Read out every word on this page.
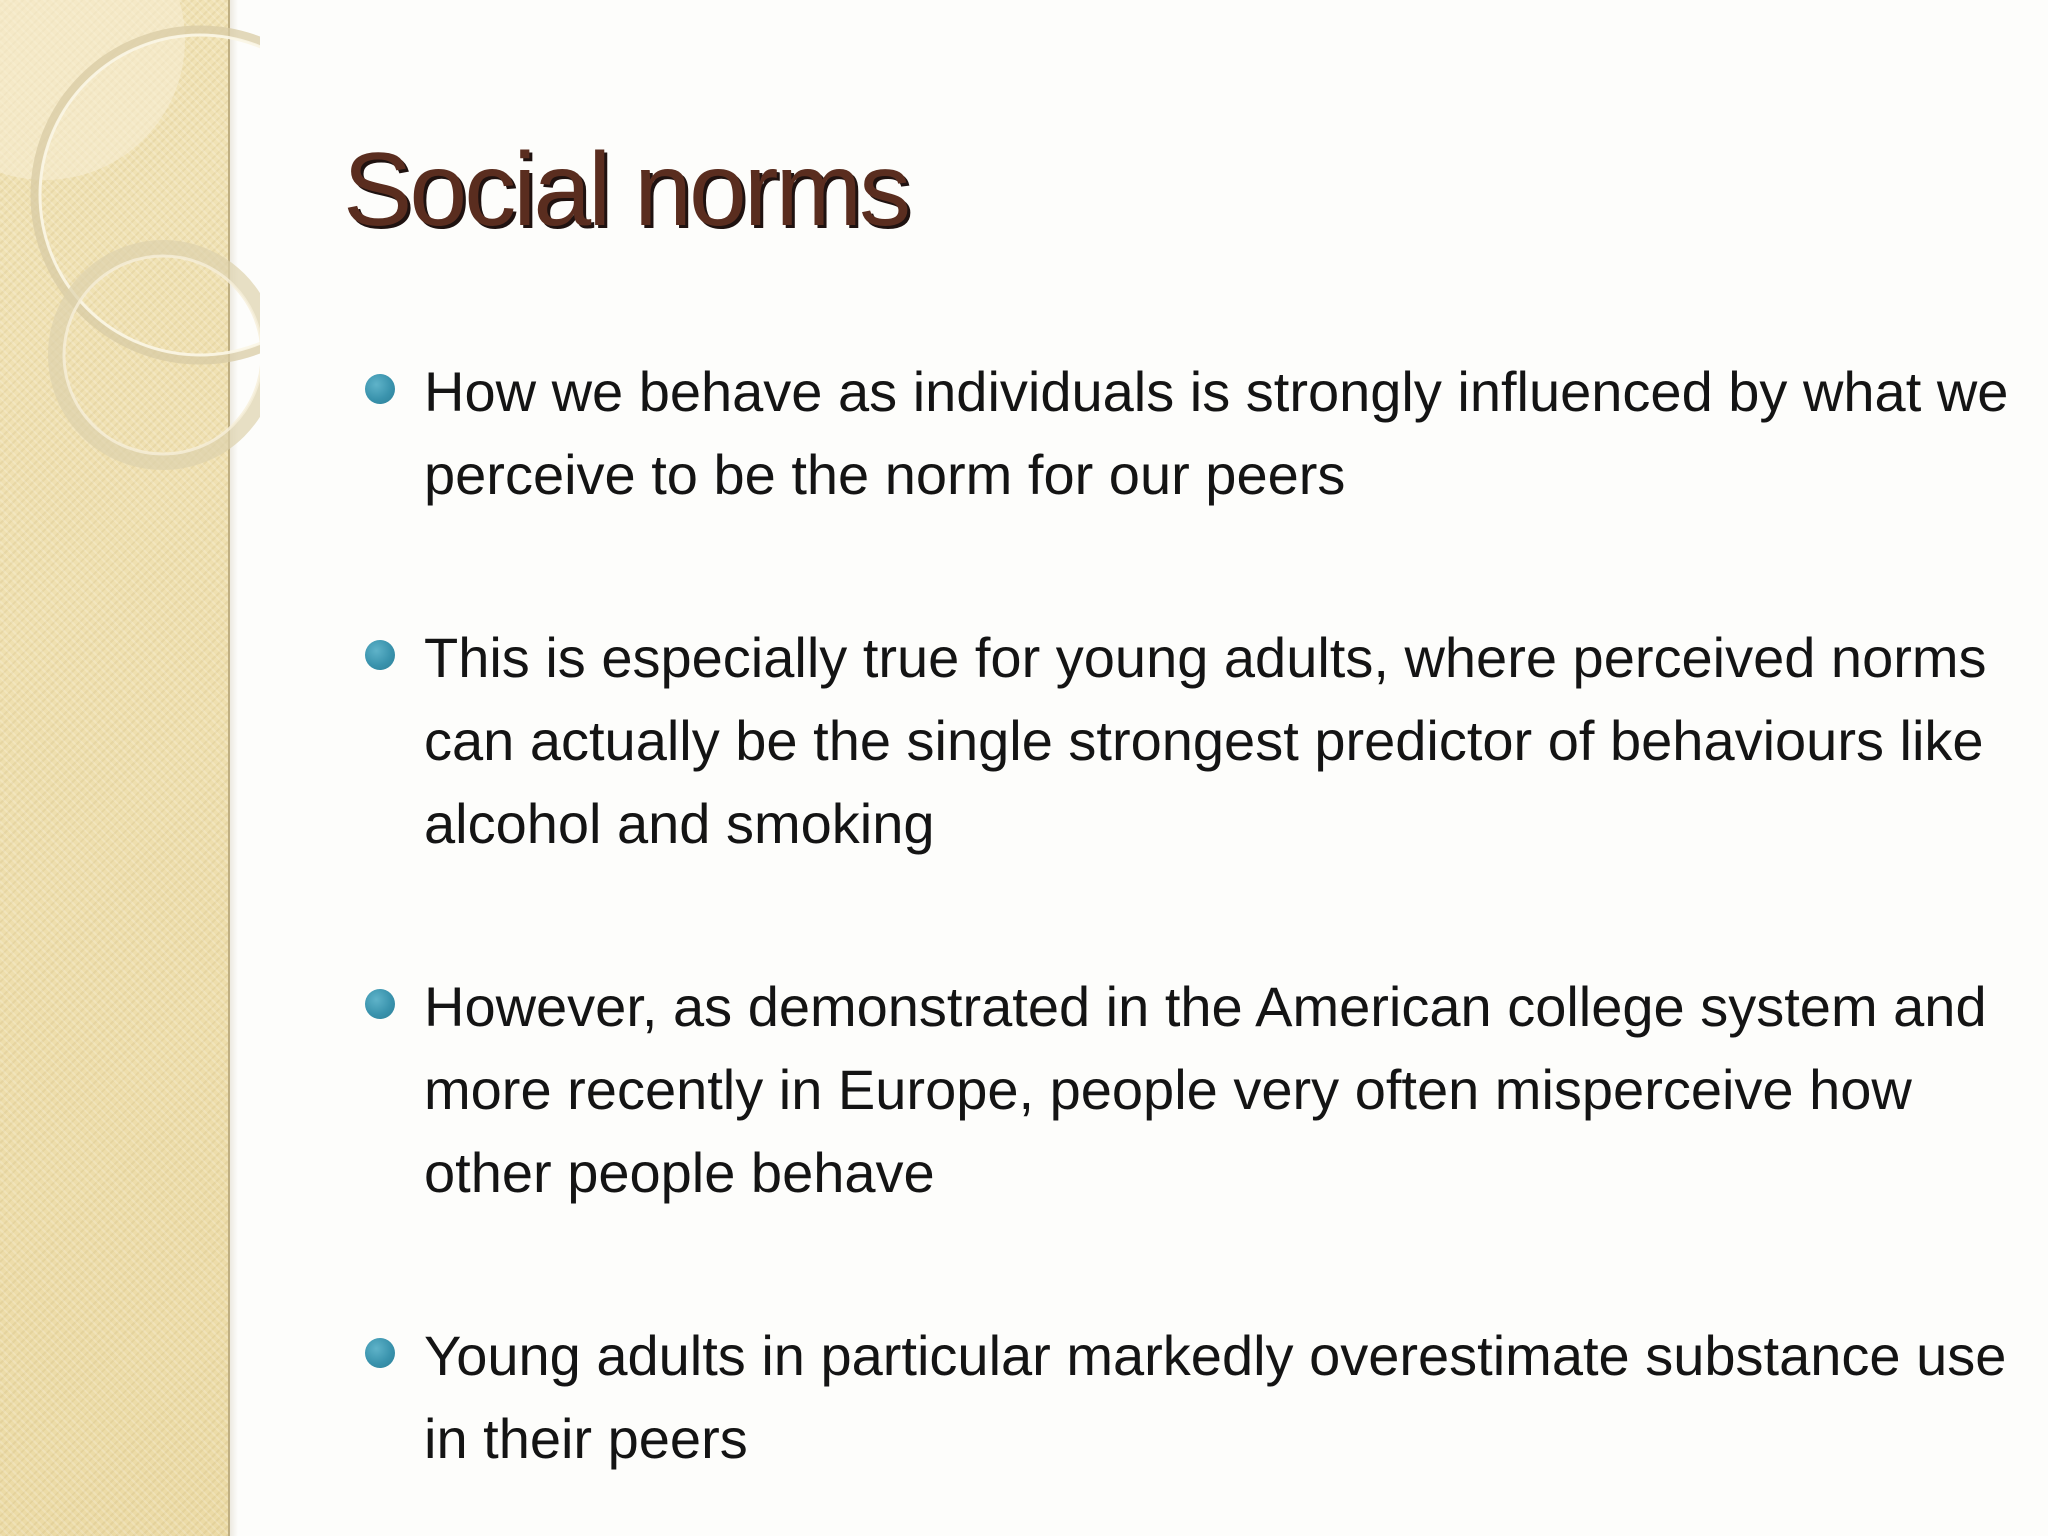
Social norms
How we behave as individuals is strongly influenced by what we perceive to be the norm for our peers
This is especially true for young adults, where perceived norms can actually be the single strongest predictor of behaviours like alcohol and smoking
However, as demonstrated in the American college system and more recently in Europe, people very often misperceive how other people behave
Young adults in particular markedly overestimate substance use in their peers
